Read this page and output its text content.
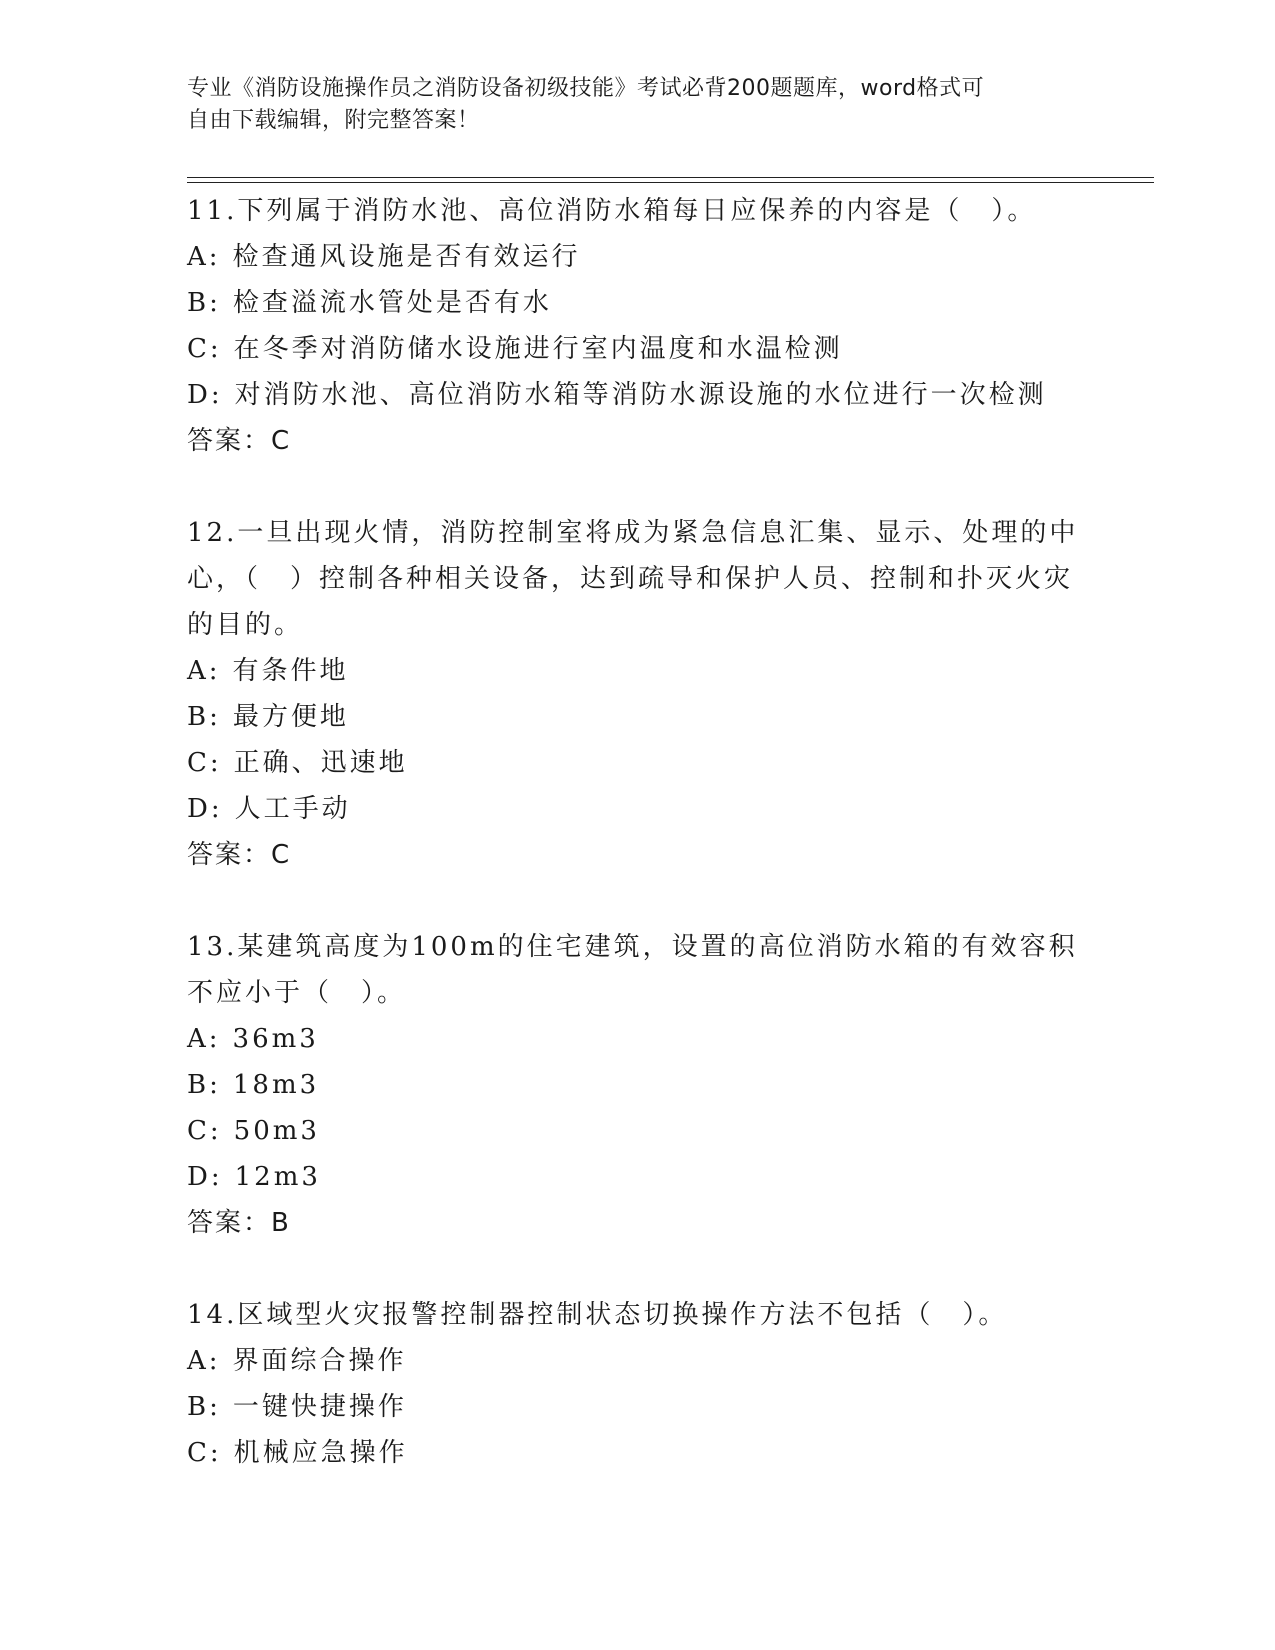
专业《消防设施操作员之消防设备初级技能》考试必背200题题库，word格式可
自由下载编辑，附完整答案！
11.下列属于消防水池、高位消防水箱每日应保养的内容是（　）。
A: 检查通风设施是否有效运行
B: 检查溢流水管处是否有水
C: 在冬季对消防储水设施进行室内温度和水温检测
D: 对消防水池、高位消防水箱等消防水源设施的水位进行一次检测
答案：C
12.一旦出现火情，消防控制室将成为紧急信息汇集、显示、处理的中心，（　）控制各种相关设备，达到疏导和保护人员、控制和扑灭火灾的目的。
A: 有条件地
B: 最方便地
C: 正确、迅速地
D: 人工手动
答案：C
13.某建筑高度为100m的住宅建筑，设置的高位消防水箱的有效容积不应小于（　）。
A: 36m3
B: 18m3
C: 50m3
D: 12m3
答案：B
14.区域型火灾报警控制器控制状态切换操作方法不包括（　）。
A: 界面综合操作
B: 一键快捷操作
C: 机械应急操作
